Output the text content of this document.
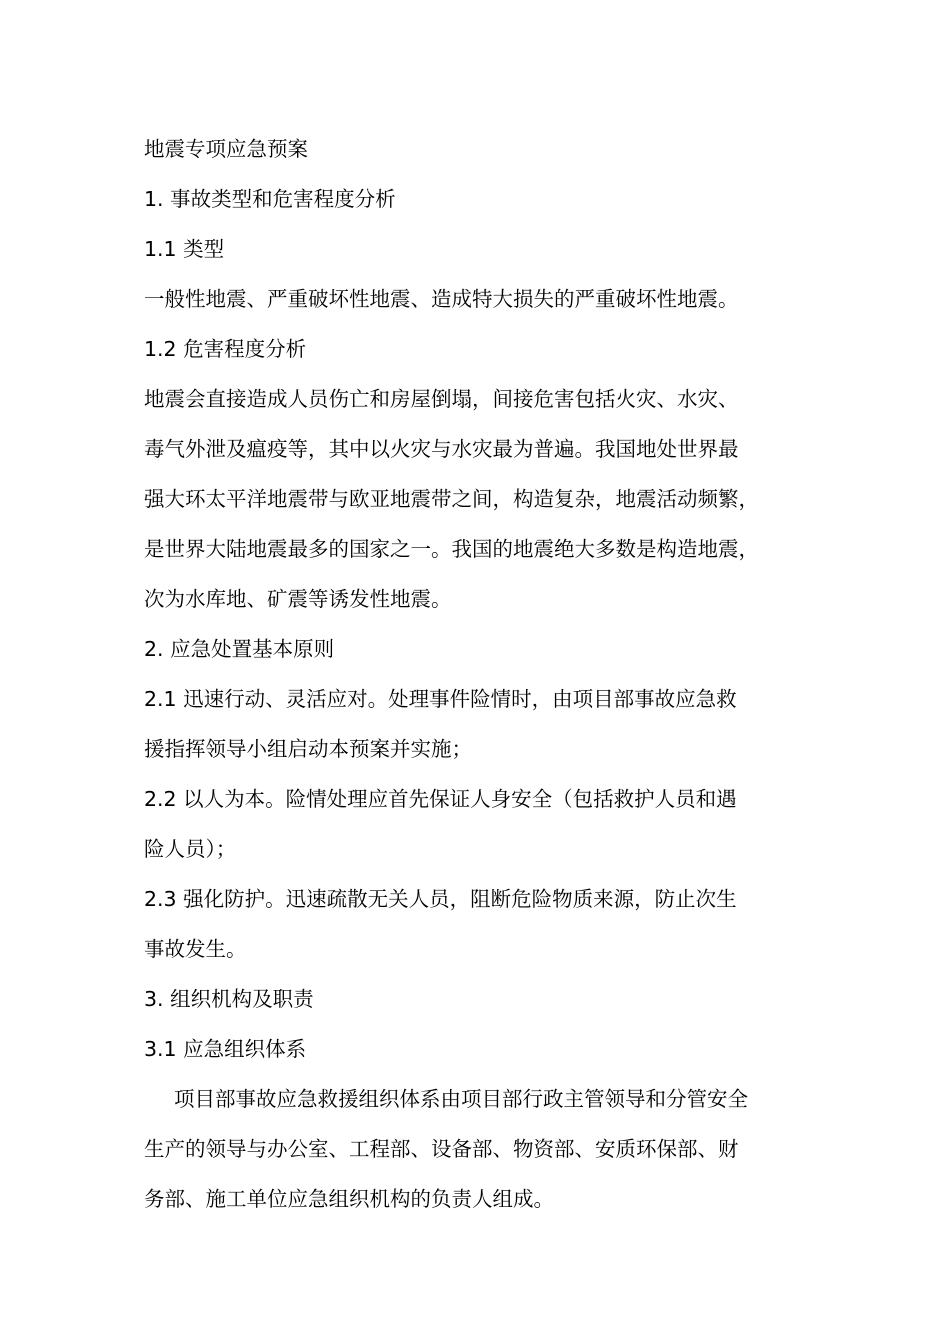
地震专项应急预案
1. 事故类型和危害程度分析
1.1 类型
一般性地震、严重破坏性地震、造成特大损失的严重破坏性地震。
1.2 危害程度分析
地震会直接造成人员伤亡和房屋倒塌，间接危害包括火灾、水灾、
毒气外泄及瘟疫等，其中以火灾与水灾最为普遍。我国地处世界最
强大环太平洋地震带与欧亚地震带之间，构造复杂，地震活动频繁，
是世界大陆地震最多的国家之一。我国的地震绝大多数是构造地震，
次为水库地、矿震等诱发性地震。
2. 应急处置基本原则
2.1 迅速行动、灵活应对。处理事件险情时，由项目部事故应急救
援指挥领导小组启动本预案并实施；
2.2 以人为本。险情处理应首先保证人身安全（包括救护人员和遇
险人员）；
2.3 强化防护。迅速疏散无关人员，阻断危险物质来源，防止次生
事故发生。
3. 组织机构及职责
3.1 应急组织体系
项目部事故应急救援组织体系由项目部行政主管领导和分管安全
生产的领导与办公室、工程部、设备部、物资部、安质环保部、财
务部、施工单位应急组织机构的负责人组成。
